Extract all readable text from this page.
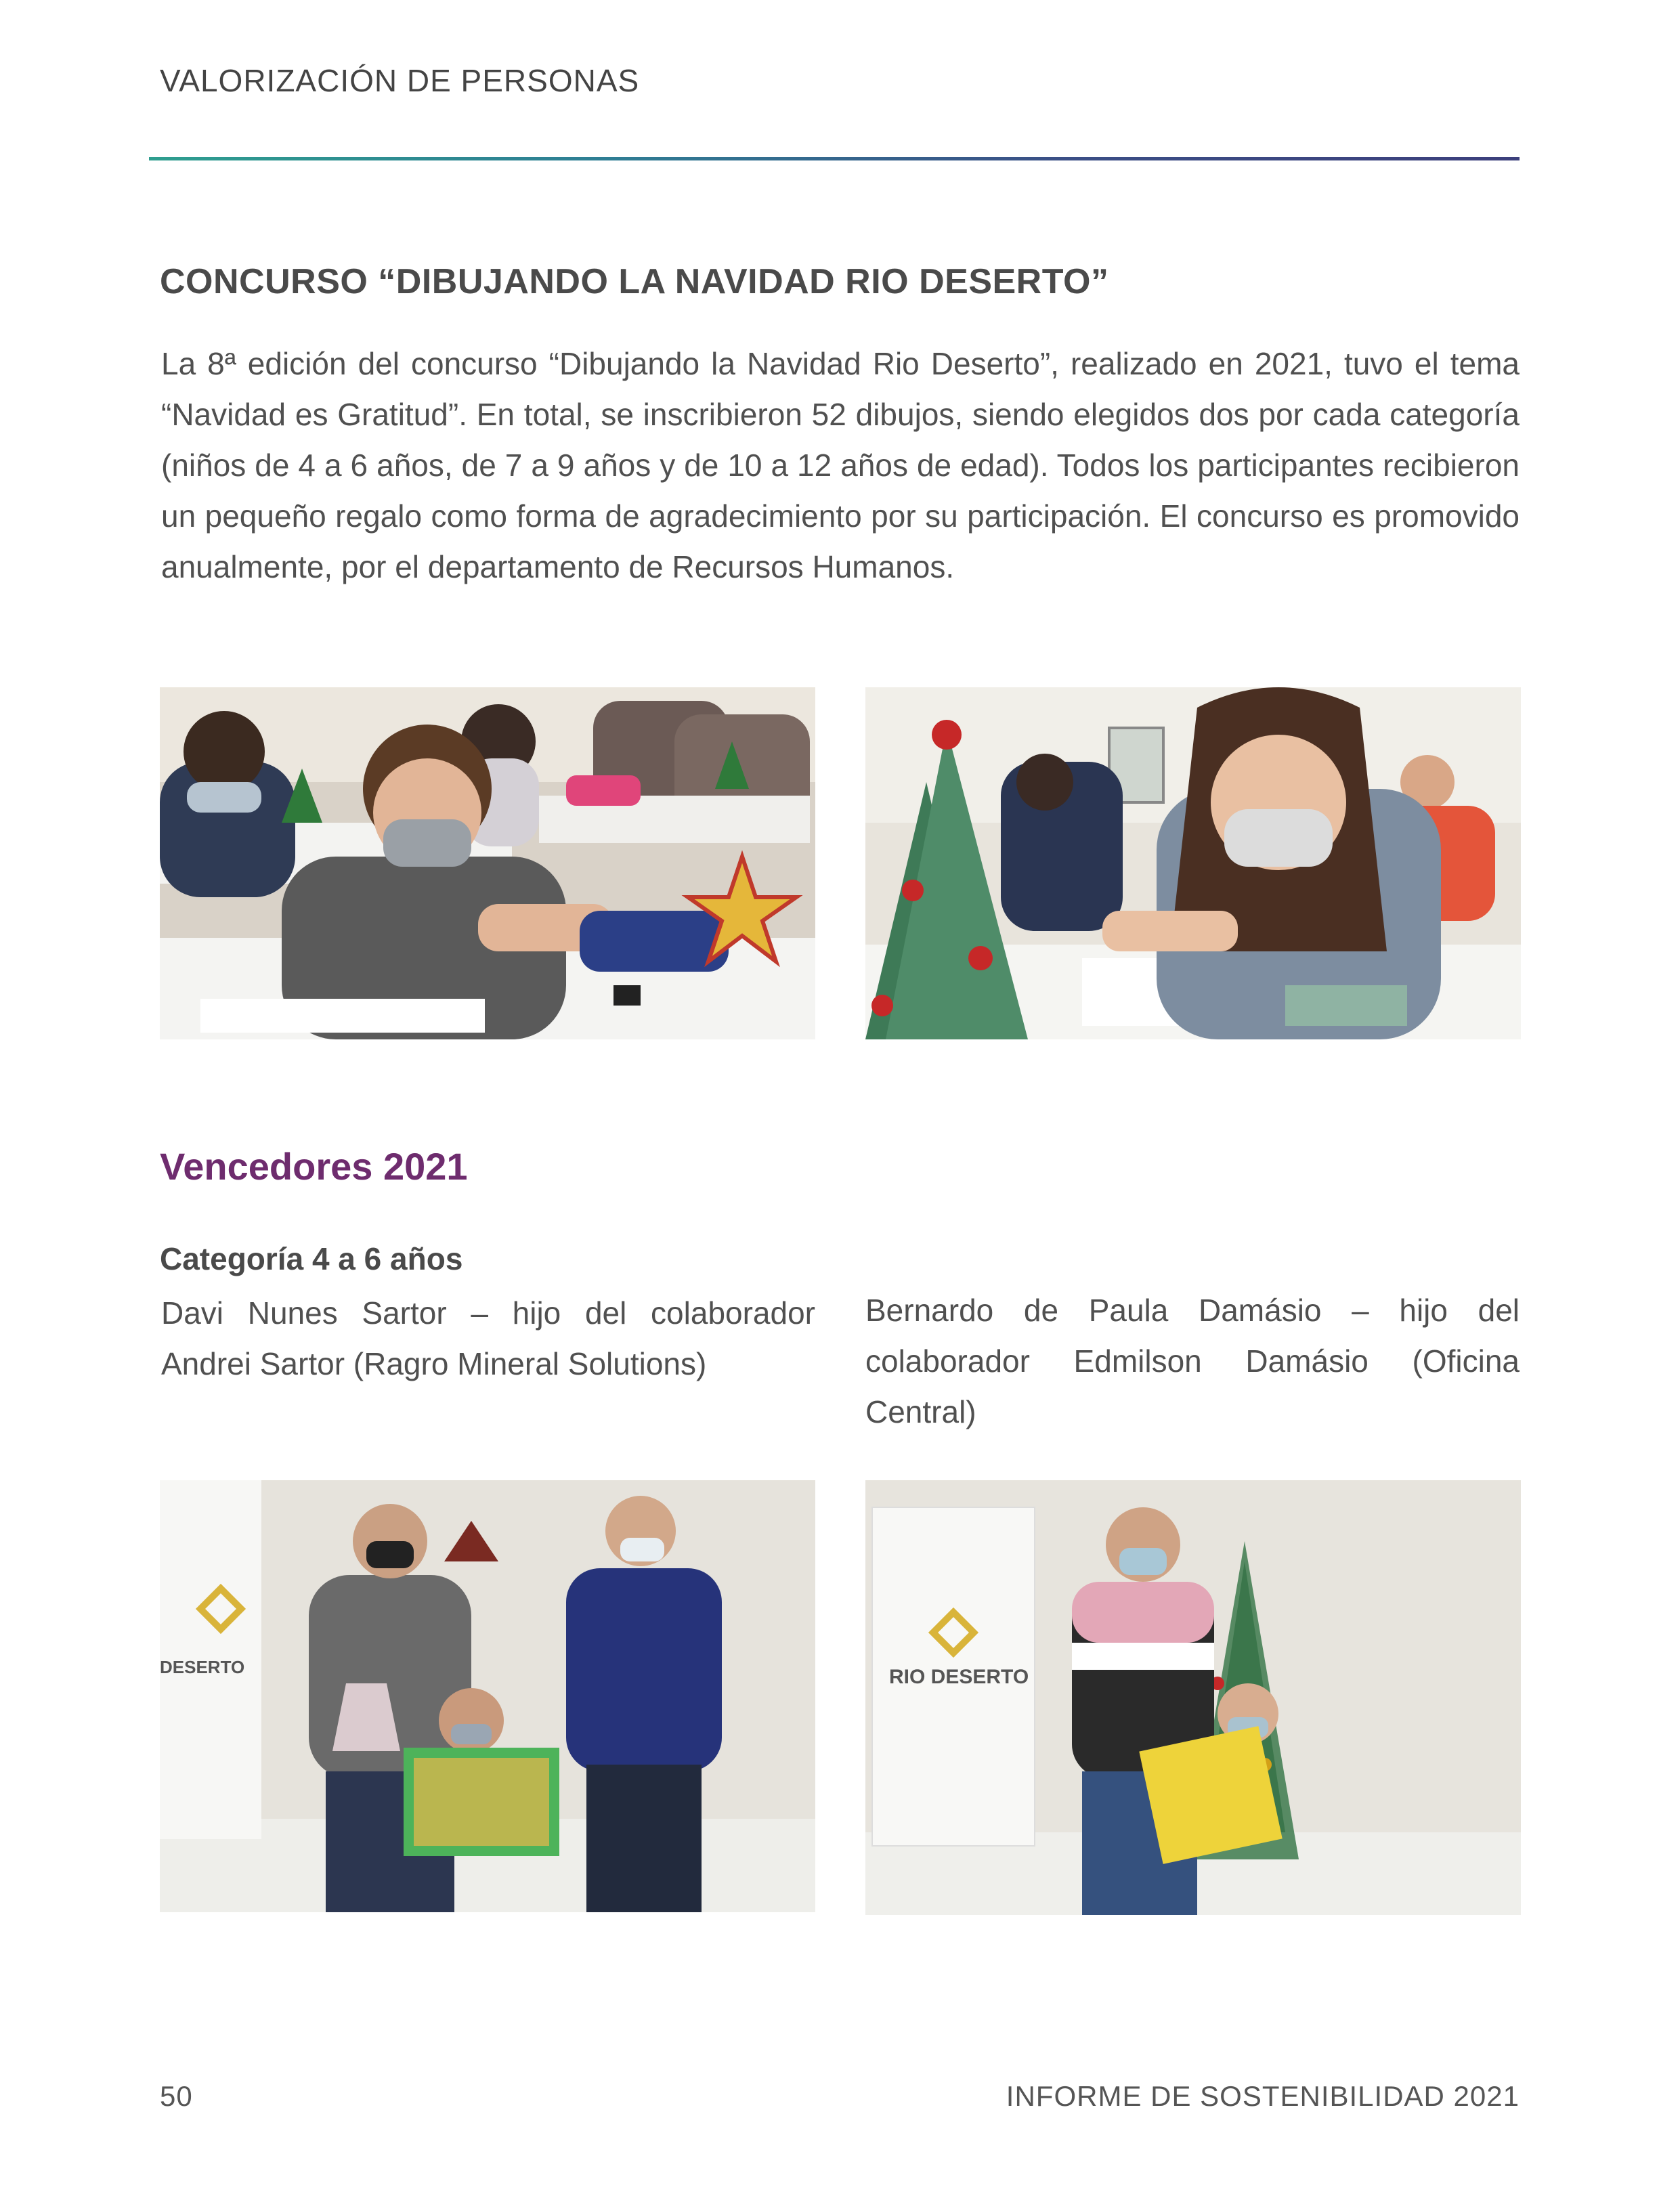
VALORIZACIÓN DE PERSONAS
CONCURSO “DIBUJANDO LA NAVIDAD RIO DESERTO”
La 8ª edición del concurso “Dibujando la Navidad Rio Deserto”, realizado en 2021, tuvo el tema “Navidad es Gratitud”. En total, se inscribieron 52 dibujos, siendo elegidos dos por cada categoría (niños de 4 a 6 años, de 7 a 9 años y de 10 a 12 años de edad). Todos los participantes recibieron un pequeño regalo como forma de agradecimiento por su participación. El concurso es promovido anualmente, por el departamento de Recursos Humanos.
Vencedores 2021
Categoría 4 a 6 años
Davi Nunes Sartor – hijo del colaborador Andrei Sartor (Ragro Mineral Solutions)
Bernardo de Paula Damásio – hijo del colaborador Edmilson Damásio (Oficina Central)
DESERTO	RIO DESERTO
50	INFORME DE SOSTENIBILIDAD 2021
